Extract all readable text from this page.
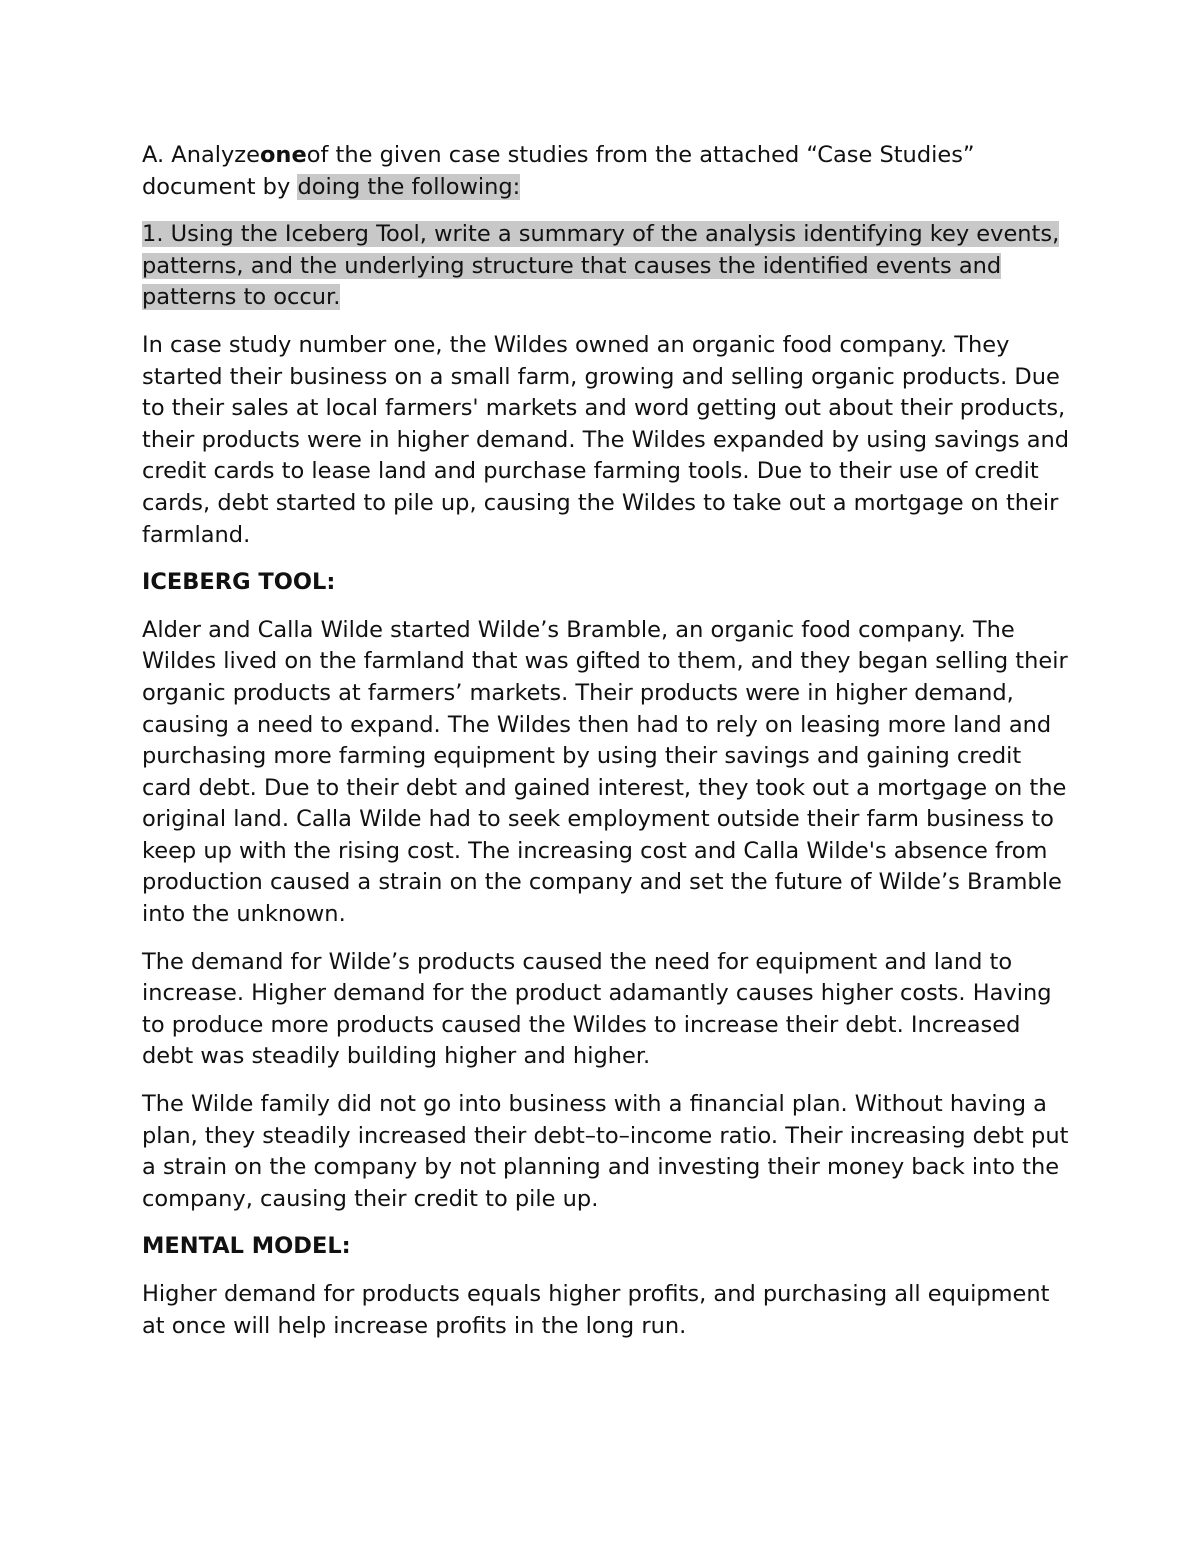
A. Analyzeoneof the given case studies from the attached “Case Studies” document by doing the following:

1. Using the Iceberg Tool, write a summary of the analysis identifying key events, patterns, and the underlying structure that causes the identified events and patterns to occur.

In case study number one, the Wildes owned an organic food company. They started their business on a small farm, growing and selling organic products. Due to their sales at local farmers' markets and word getting out about their products, their products were in higher demand. The Wildes expanded by using savings and credit cards to lease land and purchase farming tools. Due to their use of credit cards, debt started to pile up, causing the Wildes to take out a mortgage on their farmland.

ICEBERG TOOL:

Alder and Calla Wilde started Wilde’s Bramble, an organic food company. The Wildes lived on the farmland that was gifted to them, and they began selling their organic products at farmers’ markets. Their products were in higher demand, causing a need to expand. The Wildes then had to rely on leasing more land and purchasing more farming equipment by using their savings and gaining credit card debt. Due to their debt and gained interest, they took out a mortgage on the original land. Calla Wilde had to seek employment outside their farm business to keep up with the rising cost. The increasing cost and Calla Wilde's absence from production caused a strain on the company and set the future of Wilde’s Bramble into the unknown.

The demand for Wilde’s products caused the need for equipment and land to increase. Higher demand for the product adamantly causes higher costs. Having to produce more products caused the Wildes to increase their debt. Increased debt was steadily building higher and higher.

The Wilde family did not go into business with a financial plan. Without having a plan, they steadily increased their debt–to–income ratio. Their increasing debt put a strain on the company by not planning and investing their money back into the company, causing their credit to pile up.

MENTAL MODEL:

Higher demand for products equals higher profits, and purchasing all equipment at once will help increase profits in the long run.
